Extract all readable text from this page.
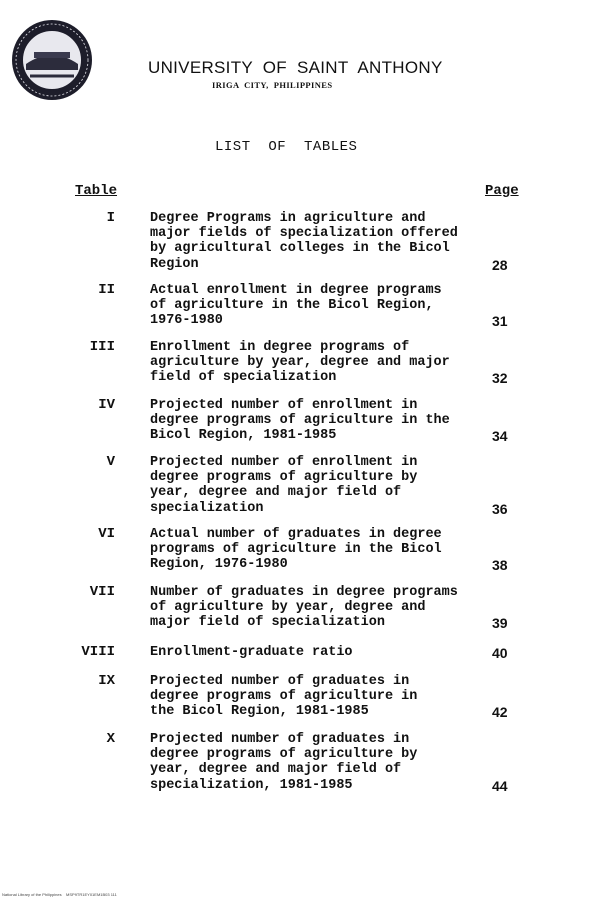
UNIVERSITY  OF  SAINT  ANTHONY
IRIGA  CITY,  PHILIPPINES
LIST  OF  TABLES
Table	Page
I	Degree Programs in agriculture and
major fields of specialization offered
by agricultural colleges in the Bicol
Region	28
II	Actual enrollment in degree programs
of agriculture in the Bicol Region,
1976-1980	31
III	Enrollment in degree programs of
agriculture by year, degree and major
field of specialization	32
IV	Projected number of enrollment in
degree programs of agriculture in the
Bicol Region, 1981-1985	34
V	Projected number of enrollment in
degree programs of agriculture by
year, degree and major field of
specialization	36
VI	Actual number of graduates in degree
programs of agriculture in the Bicol
Region, 1976-1980	38
VII	Number of graduates in degree programs
of agriculture by year, degree and
major field of specialization	39
VIII	Enrollment-graduate ratio	40
IX	Projected number of graduates in
degree programs of agriculture in
the Bicol Region, 1981-1985	42
X	Projected number of graduates in
degree programs of agriculture by
year, degree and major field of
specialization, 1981-1985	44
National Library of the Philippines    MSP9TR1EY01EM1B03 111
